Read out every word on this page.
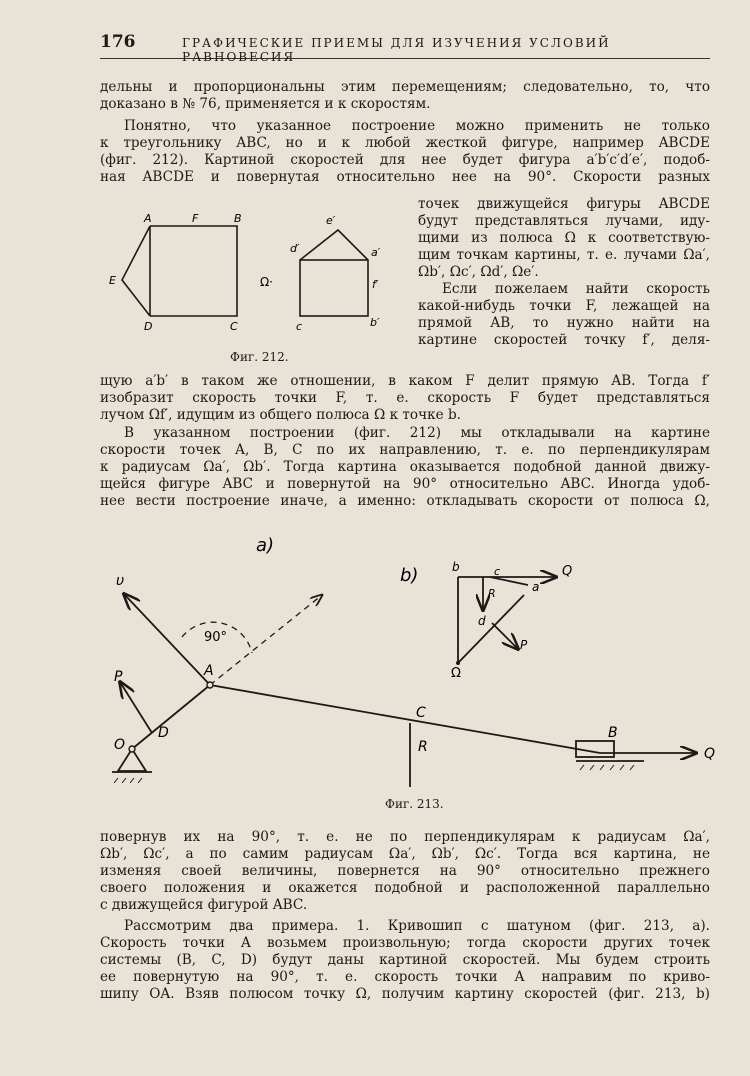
176	ГРАФИЧЕСКИЕ ПРИЕМЫ ДЛЯ ИЗУЧЕНИЯ УСЛОВИЙ РАВНОВЕСИЯ
дельны и пропорциональны этим перемещениям; следовательно, то, что
доказано в № 76, применяется и к скоростям.
Понятно, что указанное построение можно применить не только
к треугольнику ABC, но и к любой жесткой фигуре, например ABCDE
(фиг. 212). Картиной скоростей для нее будет фигура a′b′c′d′e′, подоб-
ная ABCDE и повернутая относительно нее на 90°. Скорости разных
точек движущейся фигуры ABCDE
будут представляться лучами, иду-
щими из полюса Ω к соответствую-
щим точкам картины, т. е. лучами Ωa′,
Ωb′, Ωc′, Ωd′, Ωe′.
Если пожелаем найти скорость
какой-нибудь точки F, лежащей на
прямой AB, то нужно найти на
картине скоростей точку f′, деля-
A	F	B
E
D	C
Ω·
e′
d′	a′
f′
c	b′
Фиг. 212.
щую a′b′ в таком же отношении, в каком F делит прямую AB. Тогда f′
изобразит скорость точки F, т. е. скорость F будет представляться
лучом Ωf′, идущим из общего полюса Ω к точке b.
В указанном построении (фиг. 212) мы откладывали на картине
скорости точек A, B, C по их направлению, т. е. по перпендикулярам
к радиусам Ωa′, Ωb′. Тогда картина оказывается подобной данной движу-
щейся фигуре ABC и повернутой на 90° относительно ABC. Иногда удоб-
нее вести построение иначе, а именно: откладывать скорости от полюса Ω,
a)
b)
υ
90°
A
P
O
D
C
R
B
Q
b	c	Q
a
R
d
P
Ω
Фиг. 213.
повернув их на 90°, т. е. не по перпендикулярам к радиусам Ωa′,
Ωb′, Ωc′, а по самим радиусам Ωa′, Ωb′, Ωc′. Тогда вся картина, не
изменяя своей величины, повернется на 90° относительно прежнего
своего положения и окажется подобной и расположенной параллельно
с движущейся фигурой ABC.
Рассмотрим два примера. 1. Кривошип с шатуном (фиг. 213, a).
Скорость точки A возьмем произвольную; тогда скорости других точек
системы (B, C, D) будут даны картиной скоростей. Мы будем строить
ее повернутую на 90°, т. е. скорость точки A направим по криво-
шипу OA. Взяв полюсом точку Ω, получим картину скоростей (фиг. 213, b)
